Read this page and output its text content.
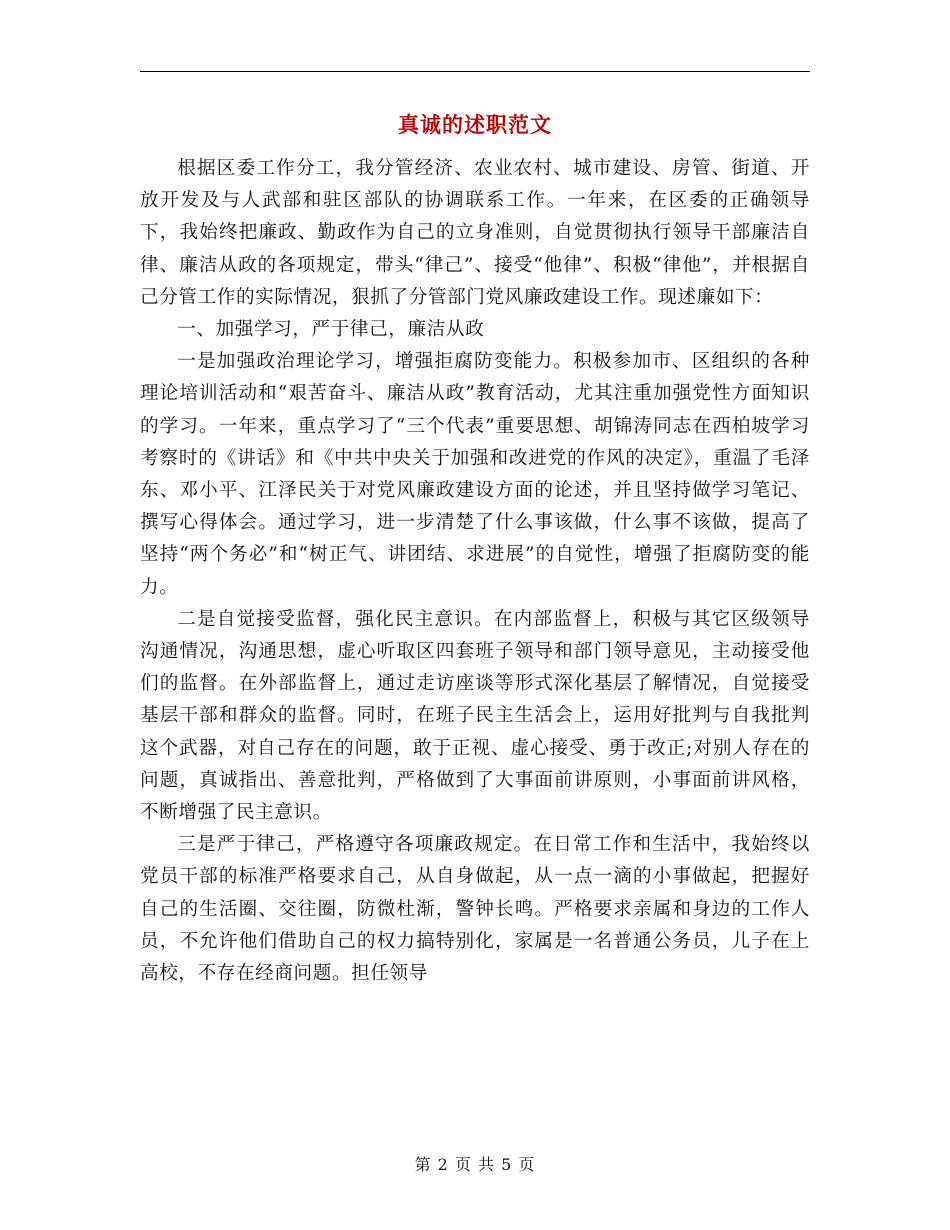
真诚的述职范文

根据区委工作分工，我分管经济、农业农村、城市建设、房管、街道、开放开发及与人武部和驻区部队的协调联系工作。一年来，在区委的正确领导下，我始终把廉政、勤政作为自己的立身准则，自觉贯彻执行领导干部廉洁自律、廉洁从政的各项规定，带头“律己”、接受“他律”、积极“律他”，并根据自己分管工作的实际情况，狠抓了分管部门党风廉政建设工作。现述廉如下：

一、加强学习，严于律己，廉洁从政

一是加强政治理论学习，增强拒腐防变能力。积极参加市、区组织的各种理论培训活动和“艰苦奋斗、廉洁从政”教育活动，尤其注重加强党性方面知识的学习。一年来，重点学习了“三个代表”重要思想、胡锦涛同志在西柏坡学习考察时的《讲话》和《中共中央关于加强和改进党的作风的决定》，重温了毛泽东、邓小平、江泽民关于对党风廉政建设方面的论述，并且坚持做学习笔记、撰写心得体会。通过学习，进一步清楚了什么事该做，什么事不该做，提高了坚持“两个务必”和“树正气、讲团结、求进展”的自觉性，增强了拒腐防变的能力。

二是自觉接受监督，强化民主意识。在内部监督上，积极与其它区级领导沟通情况，沟通思想，虚心听取区四套班子领导和部门领导意见，主动接受他们的监督。在外部监督上，通过走访座谈等形式深化基层了解情况，自觉接受基层干部和群众的监督。同时，在班子民主生活会上，运用好批判与自我批判这个武器，对自己存在的问题，敢于正视、虚心接受、勇于改正;对别人存在的问题，真诚指出、善意批判，严格做到了大事面前讲原则，小事面前讲风格，不断增强了民主意识。

三是严于律己，严格遵守各项廉政规定。在日常工作和生活中，我始终以党员干部的标准严格要求自己，从自身做起，从一点一滴的小事做起，把握好自己的生活圈、交往圈，防微杜渐，警钟长鸣。严格要求亲属和身边的工作人员，不允许他们借助自己的权力搞特别化，家属是一名普通公务员，儿子在上高校，不存在经商问题。担任领导

第 2 页 共 5 页
